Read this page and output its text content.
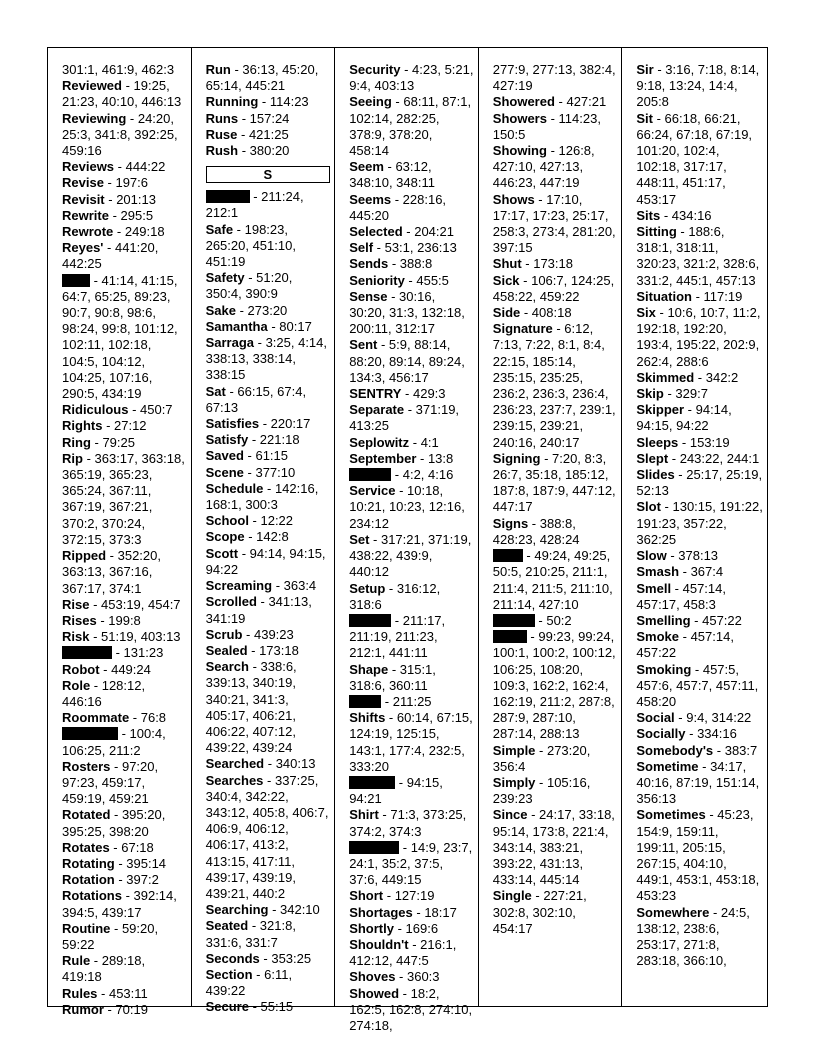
301:1, 461:9, 462:3
Reviewed - 19:25, 21:23, 40:10, 446:13
Reviewing - 24:20, 25:3, 341:8, 392:25, 459:16
Reviews - 444:22
Revise - 197:6
Revisit - 201:13
Rewrite - 295:5
Rewrote - 249:18
Reyes' - 441:20, 442:25
- 41:14, 41:15, 64:7, 65:25, 89:23, 90:7, 90:8, 98:6, 98:24, 99:8, 101:12, 102:11, 102:18, 104:5, 104:12, 104:25, 107:16, 290:5, 434:19
Ridiculous - 450:7
Rights - 27:12
Ring - 79:25
Rip - 363:17, 363:18, 365:19, 365:23, 365:24, 367:11, 367:19, 367:21, 370:2, 370:24, 372:15, 373:3
Ripped - 352:20, 363:13, 367:16, 367:17, 374:1
Rise - 453:19, 454:7
Rises - 199:8
Risk - 51:19, 403:13
- 131:23
Robot - 449:24
Role - 128:12, 446:16
Roommate - 76:8
- 100:4, 106:25, 211:2
Rosters - 97:20, 97:23, 459:17, 459:19, 459:21
Rotated - 395:20, 395:25, 398:20
Rotates - 67:18
Rotating - 395:14
Rotation - 397:2
Rotations - 392:14, 394:5, 439:17
Routine - 59:20, 59:22
Rule - 289:18, 419:18
Rules - 453:11
Rumor - 70:19
Run - 36:13, 45:20, 65:14, 445:21
Running - 114:23
Runs - 157:24
Ruse - 421:25
Rush - 380:20
S
- 211:24, 212:1
Safe - 198:23, 265:20, 451:10, 451:19
Safety - 51:20, 350:4, 390:9
Sake - 273:20
Samantha - 80:17
Sarraga - 3:25, 4:14, 338:13, 338:14, 338:15
Sat - 66:15, 67:4, 67:13
Satisfies - 220:17
Satisfy - 221:18
Saved - 61:15
Scene - 377:10
Schedule - 142:16, 168:1, 300:3
School - 12:22
Scope - 142:8
Scott - 94:14, 94:15, 94:22
Screaming - 363:4
Scrolled - 341:13, 341:19
Scrub - 439:23
Sealed - 173:18
Search - 338:6, 339:13, 340:19, 340:21, 341:3, 405:17, 406:21, 406:22, 407:12, 439:22, 439:24
Searched - 340:13
Searches - 337:25, 340:4, 342:22, 343:12, 405:8, 406:7, 406:9, 406:12, 406:17, 413:2, 413:15, 417:11, 439:17, 439:19, 439:21, 440:2
Searching - 342:10
Seated - 321:8, 331:6, 331:7
Seconds - 353:25
Section - 6:11, 439:22
Secure - 55:15
Security - 4:23, 5:21, 9:4, 403:13
Seeing - 68:11, 87:1, 102:14, 282:25, 378:9, 378:20, 458:14
Seem - 63:12, 348:10, 348:11
Seems - 228:16, 445:20
Selected - 204:21
Self - 53:1, 236:13
Sends - 388:8
Seniority - 455:5
Sense - 30:16, 30:20, 31:3, 132:18, 200:11, 312:17
Sent - 5:9, 88:14, 88:20, 89:14, 89:24, 134:3, 456:17
SENTRY - 429:3
Separate - 371:19, 413:25
Seplowitz - 4:1
September - 13:8
- 4:2, 4:16
Service - 10:18, 10:21, 10:23, 12:16, 234:12
Set - 317:21, 371:19, 438:22, 439:9, 440:12
Setup - 316:12, 318:6
- 211:17, 211:19, 211:23, 212:1, 441:11
Shape - 315:1, 318:6, 360:11
- 211:25
Shifts - 60:14, 67:15, 124:19, 125:15, 143:1, 177:4, 232:5, 333:20
- 94:15, 94:21
Shirt - 71:3, 373:25, 374:2, 374:3
- 14:9, 23:7, 24:1, 35:2, 37:5, 37:6, 449:15
Short - 127:19
Shortages - 18:17
Shortly - 169:6
Shouldn't - 216:1, 412:12, 447:5
Shoves - 360:3
Showed - 18:2, 162:5, 162:8, 274:10, 274:18,
277:9, 277:13, 382:4, 427:19
Showered - 427:21
Showers - 114:23, 150:5
Showing - 126:8, 427:10, 427:13, 446:23, 447:19
Shows - 17:10, 17:17, 17:23, 25:17, 258:3, 273:4, 281:20, 397:15
Shut - 173:18
Sick - 106:7, 124:25, 458:22, 459:22
Side - 408:18
Signature - 6:12, 7:13, 7:22, 8:1, 8:4, 22:15, 185:14, 235:15, 235:25, 236:2, 236:3, 236:4, 236:23, 237:7, 239:1, 239:15, 239:21, 240:16, 240:17
Signing - 7:20, 8:3, 26:7, 35:18, 185:12, 187:8, 187:9, 447:12, 447:17
Signs - 388:8, 428:23, 428:24
- 49:24, 49:25, 50:5, 210:25, 211:1, 211:4, 211:5, 211:10, 211:14, 427:10
- 50:2
- 99:23, 99:24, 100:1, 100:2, 100:12, 106:25, 108:20, 109:3, 162:2, 162:4, 162:19, 211:2, 287:8, 287:9, 287:10, 287:14, 288:13
Simple - 273:20, 356:4
Simply - 105:16, 239:23
Since - 24:17, 33:18, 95:14, 173:8, 221:4, 343:14, 383:21, 393:22, 431:13, 433:14, 445:14
Single - 227:21, 302:8, 302:10, 454:17
Sir - 3:16, 7:18, 8:14, 9:18, 13:24, 14:4, 205:8
Sit - 66:18, 66:21, 66:24, 67:18, 67:19, 101:20, 102:4, 102:18, 317:17, 448:11, 451:17, 453:17
Sits - 434:16
Sitting - 188:6, 318:1, 318:11, 320:23, 321:2, 328:6, 331:2, 445:1, 457:13
Situation - 117:19
Six - 10:6, 10:7, 11:2, 192:18, 192:20, 193:4, 195:22, 202:9, 262:4, 288:6
Skimmed - 342:2
Skip - 329:7
Skipper - 94:14, 94:15, 94:22
Sleeps - 153:19
Slept - 243:22, 244:1
Slides - 25:17, 25:19, 52:13
Slot - 130:15, 191:22, 191:23, 357:22, 362:25
Slow - 378:13
Smash - 367:4
Smell - 457:14, 457:17, 458:3
Smelling - 457:22
Smoke - 457:14, 457:22
Smoking - 457:5, 457:6, 457:7, 457:11, 458:20
Social - 9:4, 314:22
Socially - 334:16
Somebody's - 383:7
Sometime - 34:17, 40:16, 87:19, 151:14, 356:13
Sometimes - 45:23, 154:9, 159:11, 199:11, 205:15, 267:15, 404:10, 449:1, 453:1, 453:18, 453:23
Somewhere - 24:5, 138:12, 238:6, 253:17, 271:8, 283:18, 366:10,
